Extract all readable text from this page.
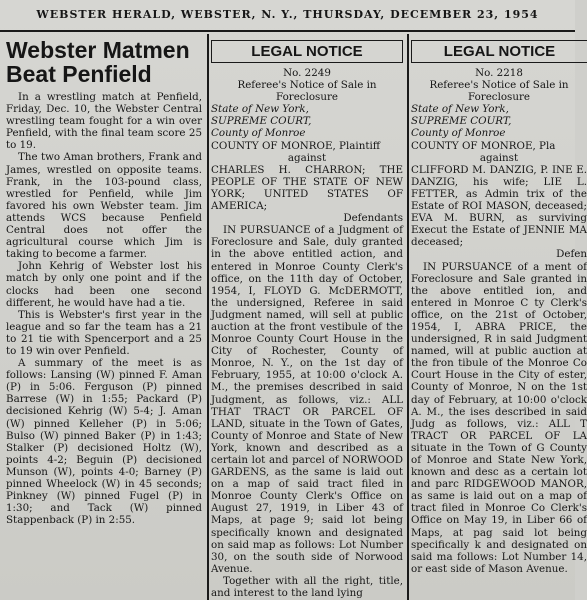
WEBSTER HERALD, WEBSTER, N. Y., THURSDAY, DECEMBER 23, 1954
Webster Matmen Beat Penfield

In a wrestling match at Penfield, Friday, Dec. 10, the Webster Central wrestling team fought for a win over Penfield, with the final team score 25 to 19.

The two Aman brothers, Frank and James, wrestled on opposite teams. Frank, in the 103-pound class, wrestled for Penfield, while Jim favored his own Webster team. Jim attends WCS because Penfield Central does not offer the agricultural course which Jim is taking to become a farmer.

John Kehrig of Webster lost his match by only one point and if the clocks had been one second different, he would have had a tie.

This is Webster's first year in the league and so far the team has a 21 to 21 tie with Spencerport and a 25 to 19 win over Penfield.

A summary of the meet is as follows: Lansing (W) pinned F. Aman (P) in 5:06. Ferguson (P) pinned Barrese (W) in 1:55; Packard (P) decisioned Kehrig (W) 5-4; J. Aman (W) pinned Kelleher (P) in 5:06; Bulso (W) pinned Baker (P) in 1:43; Stalker (P) decisioned Holtz (W), points 4-2; Beguin (P) decisioned Munson (W), points 4-0; Barney (P) pinned Wheelock (W) in 45 seconds; Pinkney (W) pinned Fugel (P) in 1:30; and Tack (W) pinned Stappenback (P) in 2:55.

LEGAL NOTICE

No. 2249

Referee's Notice of Sale in Foreclosure

State of New York,

SUPREME COURT,

County of Monroe

COUNTY OF MONROE, Plaintiff

against

CHARLES H. CHARRON; THE PEOPLE OF THE STATE OF NEW YORK; UNITED STATES OF AMERICA;

Defendants

IN PURSUANCE of a Judgment of Foreclosure and Sale, duly granted in the above entitled action, and entered in Monroe County Clerk's office, on the 11th day of October, 1954, I, FLOYD G. McDERMOTT, the undersigned, Referee in said Judgment named, will sell at public auction at the front vestibule of the Monroe County Court House in the City of Rochester, County of Monroe, N. Y., on the 1st day of February, 1955, at 10:00 o'clock A. M., the premises described in said Judgment, as follows, viz.: ALL THAT TRACT OR PARCEL OF LAND, situate in the Town of Gates, County of Monroe and State of New York, known and described as a certain lot and parcel of NORWOOD GARDENS, as the same is laid out on a map of said tract filed in Monroe County Clerk's Office on August 27, 1919, in Liber 43 of Maps, at page 9; said lot being specifically known and designated on said map as follows: Lot Number 30, on the south side of Norwood Avenue.

Together with all the right, title, and interest to the land lying

LEGAL NOTICE

No. 2218

Referee's Notice of Sale in Foreclosure

State of New York,

SUPREME COURT,

County of Monroe

COUNTY OF MONROE, Pla

against

CLIFFORD M. DANZIG, P. INE E. DANZIG, his wife; LIE L. FETTER, as Admin trix of the Estate of ROI MASON, deceased; EVA M. BURN, as surviving Execut the Estate of JENNIE MA deceased;

Defen

IN PURSUANCE of a ment of Foreclosure and Sale granted in the above entitled ion, and entered in Monroe C ty Clerk's office, on the 21st of October, 1954, I, ABRA PRICE, the undersigned, R in said Judgment named, will at public auction at the fron tibule of the Monroe Co Court House in the City of ester, County of Monroe, N on the 1st day of February, at 10:00 o'clock A. M., the ises described in said Judg as follows, viz.: ALL T TRACT OR PARCEL OF LA situate in the Town of G County of Monroe and State New York, known and desc as a certain lot and parc RIDGEWOOD MANOR, as same is laid out on a map of tract filed in Monroe Co Clerk's Office on May 19, in Liber 66 of Maps, at pag said lot being specifically k and designated on said ma follows: Lot Number 14, or east side of Mason Avenue.
